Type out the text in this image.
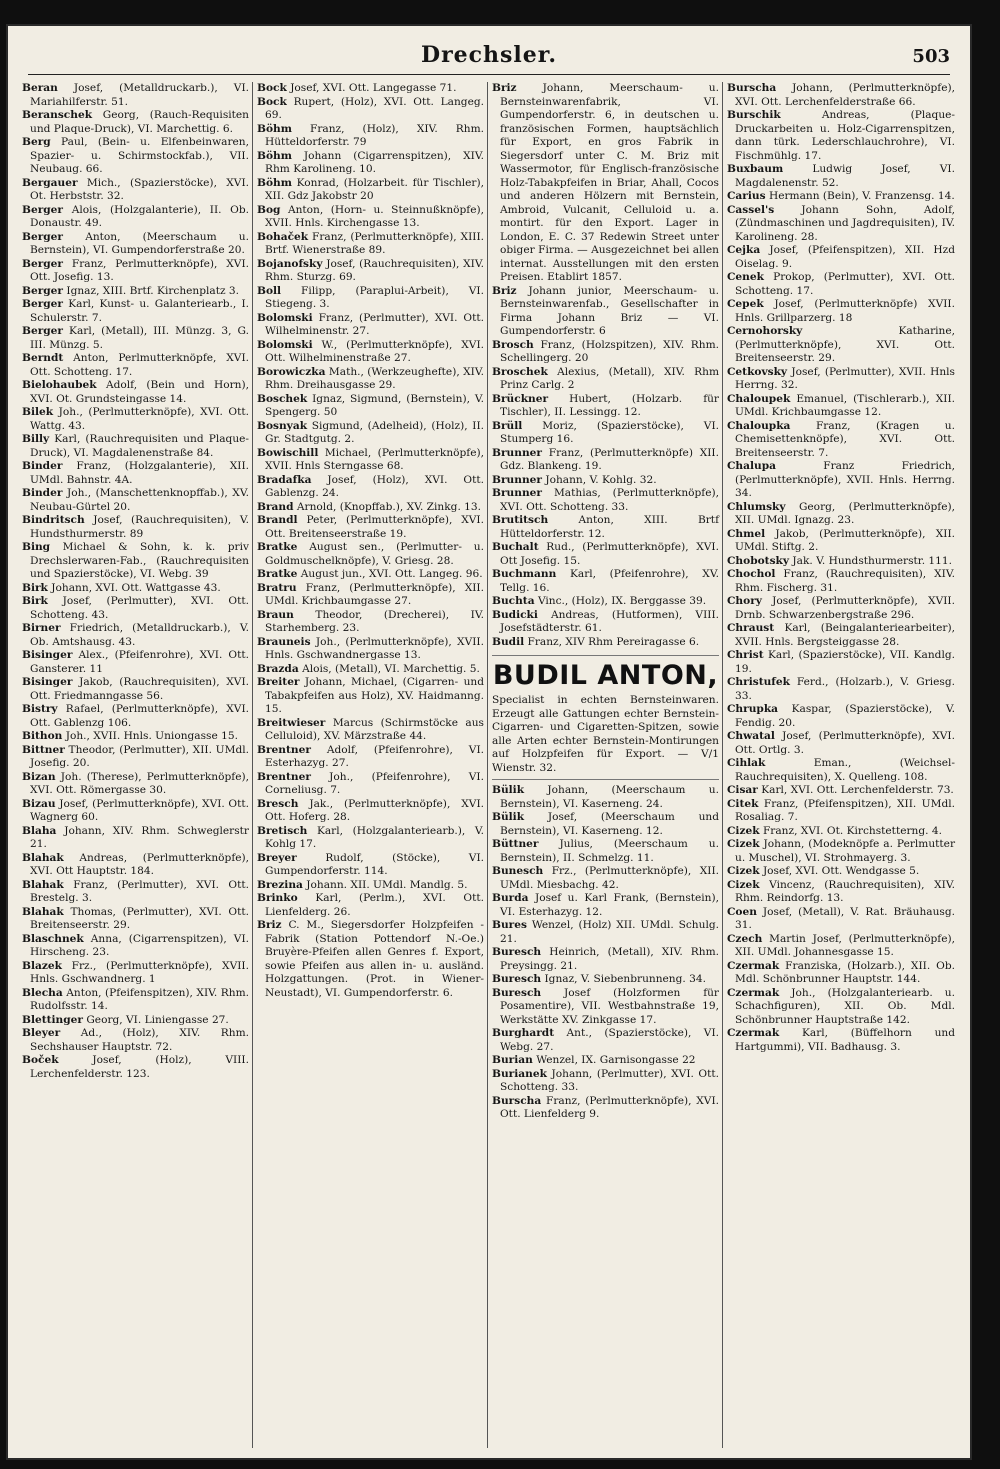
Drechsler.	503

Beran Josef, (Metalldruckarb.), VI. Mariahilferstr. 51.

Beranschek Georg, (Rauch-Requisiten und Plaque-Druck), VI. Marchettig. 6.

Berg Paul, (Bein- u. Elfenbeinwaren, Spazier- u. Schirmstockfab.), VII. Neubaug. 66.

Bergauer Mich., (Spazierstöcke), XVI. Ot. Herbststr. 32.

Berger Alois, (Holzgalanterie), II. Ob. Donaustr. 49.

Berger Anton, (Meerschaum u. Bernstein), VI. Gumpendorferstraße 20.

Berger Franz, Perlmutterknöpfe), XVI. Ott. Josefig. 13.

Berger Ignaz, XIII. Brtf. Kirchenplatz 3.

Berger Karl, Kunst- u. Galanteriearb., I. Schulerstr. 7.

Berger Karl, (Metall), III. Münzg. 3, G. III. Münzg. 5.

Berndt Anton, Perlmutterknöpfe, XVI. Ott. Schotteng. 17.

Bielohaubek Adolf, (Bein und Horn), XVI. Ot. Grundsteingasse 14.

Bilek Joh., (Perlmutterknöpfe), XVI. Ott. Wattg. 43.

Billy Karl, (Rauchrequisiten und Plaque-Druck), VI. Magdalenenstraße 84.

Binder Franz, (Holzgalanterie), XII. UMdl. Bahnstr. 4A.

Binder Joh., (Manschettenknopffab.), XV. Neubau-Gürtel 20.

Bindritsch Josef, (Rauchrequisiten), V. Hundsthurmerstr. 89

Bing Michael & Sohn, k. k. priv Drechslerwaren-Fab., (Rauchrequisiten und Spazierstöcke), VI. Webg. 39

Birk Johann, XVI. Ott. Wattgasse 43.

Birk Josef, (Perlmutter), XVI. Ott. Schotteng. 43.

Birner Friedrich, (Metalldruckarb.), V. Ob. Amtshausg. 43.

Bisinger Alex., (Pfeifenrohre), XVI. Ott. Gansterer. 11

Bisinger Jakob, (Rauchrequisiten), XVI. Ott. Friedmanngasse 56.

Bistry Rafael, (Perlmutterknöpfe), XVI. Ott. Gablenzg 106.

Bithon Joh., XVII. Hnls. Uniongasse 15.

Bittner Theodor, (Perlmutter), XII. UMdl. Josefig. 20.

Bizan Joh. (Therese), Perlmutterknöpfe), XVI. Ott. Römergasse 30.

Bizau Josef, (Perlmutterknöpfe), XVI. Ott. Wagnerg 60.

Blaha Johann, XIV. Rhm. Schweglerstr 21.

Blahak Andreas, (Perlmutterknöpfe), XVI. Ott Hauptstr. 184.

Blahak Franz, (Perlmutter), XVI. Ott. Brestelg. 3.

Blahak Thomas, (Perlmutter), XVI. Ott. Breitenseerstr. 29.

Blaschnek Anna, (Cigarrenspitzen), VI. Hirscheng. 23.

Blazek Frz., (Perlmutterknöpfe), XVII. Hnls. Gschwandnerg. 1

Blecha Anton, (Pfeifenspitzen), XIV. Rhm. Rudolfsstr. 14.

Blettinger Georg, VI. Liniengasse 27.

Bleyer Ad., (Holz), XIV. Rhm. Sechshauser Hauptstr. 72.

Boček	Josef, (Holz), VIII. Lerchenfelderstr. 123.

Bock Josef, XVI. Ott. Langegasse 71.

Bock Rupert, (Holz), XVI. Ott. Langeg. 69.

Böhm Franz, (Holz), XIV. Rhm. Hütteldorferstr. 79

Böhm Johann (Cigarrenspitzen), XIV. Rhm Karolineng. 10.

Böhm Konrad, (Holzarbeit. für Tischler), XII. Gdz Jakobstr 20

Bog Anton, (Horn- u. Steinnußknöpfe), XVII. Hnls. Kirchengasse 13.

Bohaček Franz, (Perlmutterknöpfe), XIII. Brtf. Wienerstraße 89.

Bojanofsky Josef, (Rauchrequisiten), XIV. Rhm. Sturzg. 69.

Boll Filipp, (Paraplui-Arbeit), VI. Stiegeng. 3.

Bolomski Franz, (Perlmutter), XVI. Ott. Wilhelminenstr. 27.

Bolomski W., (Perlmutterknöpfe), XVI. Ott. Wilhelminenstraße 27.

Borowiczka Math., (Werkzeughefte), XIV. Rhm. Dreihausgasse 29.

Boschek Ignaz, Sigmund, (Bernstein), V. Spengerg. 50

Bosnyak Sigmund, (Adelheid), (Holz), II. Gr. Stadtgutg. 2.

Bowischill Michael, (Perlmutterknöpfe), XVII. Hnls Sterngasse 68.

Bradafka Josef, (Holz), XVI. Ott. Gablenzg. 24.

Brand Arnold, (Knopffab.), XV. Zinkg. 13.

Brandl Peter, (Perlmutterknöpfe), XVI. Ott. Breitenseerstraße 19.

Bratke August sen., (Perlmutter- u. Goldmuschelknöpfe), V. Griesg. 28.

Bratke August jun., XVI. Ott. Langeg. 96.

Bratru Franz, (Perlmutterknöpfe), XII. UMdl. Krichbaumgasse 27.

Braun Theodor, (Drecherei), IV. Starhemberg. 23.

Brauneis Joh., (Perlmutterknöpfe), XVII. Hnls. Gschwandnergasse 13.

Brazda Alois, (Metall), VI. Marchettig. 5.

Breiter Johann, Michael, (Cigarren- und Tabakpfeifen aus Holz), XV. Haidmanng. 15.

Breitwieser Marcus (Schirmstöcke aus Celluloid), XV. Märzstraße 44.

Brentner Adolf, (Pfeifenrohre), VI. Esterhazyg. 27.

Brentner Joh., (Pfeifenrohre), VI. Corneliusg. 7.

Bresch Jak., (Perlmutterknöpfe), XVI. Ott. Hoferg. 28.

Bretisch Karl, (Holzgalanteriearb.), V. Kohlg 17.

Breyer	Rudolf, (Stöcke), VI. Gumpendorferstr. 114.

Brezina Johann. XII. UMdl. Mandlg. 5.

Brinko Karl, (Perlm.), XVI. Ott. Lienfelderg. 26.

Briz C. M., Siegersdorfer Holzpfeifen - Fabrik (Station Pottendorf N.-Oe.) Bruyère-Pfeifen allen Genres f. Export, sowie Pfeifen aus allen in- u. ausländ. Holzgattungen. (Prot. in Wiener-Neustadt), VI. Gumpendorferstr. 6.

Briz Johann, Meerschaum- u. Bernsteinwarenfabrik, VI. Gumpendorferstr. 6, in deutschen u. französischen Formen, hauptsächlich für Export, en gros Fabrik in Siegersdorf unter C. M. Briz mit Wassermotor, für Englisch-französische Holz-Tabakpfeifen in Briar, Ahall, Cocos und anderen Hölzern mit Bernstein, Ambroid, Vulcanit, Celluloid u. a. montirt. für den Export. Lager in London, E. C. 37 Redewin Street unter obiger Firma. — Ausgezeichnet bei allen internat. Ausstellungen mit den ersten Preisen. Etablirt 1857.

Briz Johann junior, Meerschaum- u. Bernsteinwarenfab., Gesellschafter in Firma Johann Briz — VI. Gumpendorferstr. 6

Brosch Franz, (Holzspitzen), XIV. Rhm. Schellingerg. 20

Broschek Alexius, (Metall), XIV. Rhm Prinz Carlg. 2

Brückner Hubert, (Holzarb. für Tischler), II. Lessingg. 12.

Brüll Moriz, (Spazierstöcke), VI. Stumperg 16.

Brunner Franz, (Perlmutterknöpfe) XII. Gdz. Blankeng. 19.

Brunner Johann, V. Kohlg. 32.

Brunner Mathias, (Perlmutterknöpfe), XVI. Ott. Schotteng. 33.

Brutitsch	Anton, XIII. Brtf Hütteldorferstr. 12.

Buchalt Rud., (Perlmutterknöpfe), XVI. Ott Josefig. 15.

Buchmann Karl, (Pfeifenrohre), XV. Tellg. 16.

Buchta Vinc., (Holz), IX. Berggasse 39.

Budicki Andreas, (Hutformen), VIII. Josefstädterstr. 61.

Budil Franz, XIV Rhm Pereiragasse 6.

BUDIL ANTON,
Specialist in echten Bernsteinwaren. Erzeugt alle Gattungen echter Bernstein-Cigarren- und Cigaretten-Spitzen, sowie alle Arten echter Bernstein-Montirungen auf Holzpfeifen für Export. — V/1 Wienstr. 32.

Bülik Johann, (Meerschaum u. Bernstein), VI. Kaserneng. 24.

Bülik Josef, (Meerschaum und Bernstein), VI. Kaserneng. 12.

Büttner Julius, (Meerschaum u. Bernstein), II. Schmelzg. 11.

Bunesch Frz., (Perlmutterknöpfe), XII. UMdl. Miesbachg. 42.

Burda Josef u. Karl Frank, (Bernstein), VI. Esterhazyg. 12.

Bures Wenzel, (Holz) XII. UMdl. Schulg. 21.

Buresch Heinrich, (Metall), XIV. Rhm. Preysingg. 21.

Buresch Ignaz, V. Siebenbrunneng. 34.

Buresch Josef (Holzformen für Posamentire), VII. Westbahnstraße 19, Werkstätte XV. Zinkgasse 17.

Burghardt Ant., (Spazierstöcke), VI. Webg. 27.

Burian Wenzel, IX. Garnisongasse 22

Burianek Johann, (Perlmutter), XVI. Ott. Schotteng. 33.

Burscha Franz, (Perlmutterknöpfe), XVI. Ott. Lienfelderg 9.

Burscha Johann, (Perlmutterknöpfe), XVI. Ott. Lerchenfelderstraße 66.

Burschik	Andreas, (Plaque-Druckarbeiten u. Holz-Cigarrenspitzen, dann türk. Lederschlauchrohre), VI. Fischmühlg. 17.

Buxbaum	Ludwig Josef, VI. Magdalenenstr. 52.

Carius Hermann (Bein), V. Franzensg. 14.

Cassel's	Johann Sohn, Adolf, (Zündmaschinen und Jagdrequisiten), IV. Karolineng. 28.

Cejka Josef, (Pfeifenspitzen), XII. Hzd Oiselag. 9.

Cenek Prokop, (Perlmutter), XVI. Ott. Schotteng. 17.

Cepek Josef, (Perlmutterknöpfe) XVII. Hnls. Grillparzerg. 18

Cernohorsky	Katharine, (Perlmutterknöpfe), XVI. Ott. Breitenseerstr. 29.

Cetkovsky Josef, (Perlmutter), XVII. Hnls Herrng. 32.

Chaloupek Emanuel, (Tischlerarb.), XII. UMdl. Krichbaumgasse 12.

Chaloupka Franz, (Kragen u. Chemisettenknöpfe), XVI. Ott. Breitenseerstr. 7.

Chalupa	Franz Friedrich, (Perlmutterknöpfe), XVII. Hnls. Herrng. 34.

Chlumsky Georg, (Perlmutterknöpfe), XII. UMdl. Ignazg. 23.

Chmel Jakob, (Perlmutterknöpfe), XII. UMdl. Stiftg. 2.

Chobotsky Jak. V. Hundsthurmerstr. 111.

Chochol Franz, (Rauchrequisiten), XIV. Rhm. Fischerg. 31.

Chory Josef, (Perlmutterknöpfe), XVII. Drnb. Schwarzenbergstraße 296.

Chraust Karl, (Beingalanteriearbeiter), XVII. Hnls. Bergsteiggasse 28.

Christ Karl, (Spazierstöcke), VII. Kandlg. 19.

Christufek Ferd., (Holzarb.), V. Griesg. 33.

Chrupka Kaspar, (Spazierstöcke), V. Fendig. 20.

Chwatal Josef, (Perlmutterknöpfe), XVI. Ott. Ortlg. 3.

Cihlak	Eman., (Weichsel-Rauchrequisiten), X. Quelleng. 108.

Cisar Karl, XVI. Ott. Lerchenfelderstr. 73.

Citek Franz, (Pfeifenspitzen), XII. UMdl. Rosaliag. 7.

Cizek Franz, XVI. Ot. Kirchstetterng. 4.

Cizek Johann, (Modeknöpfe a. Perlmutter u. Muschel), VI. Strohmayerg. 3.

Cizek Josef, XVI. Ott. Wendgasse 5.

Cizek Vincenz, (Rauchrequisiten), XIV. Rhm. Reindorfg. 13.

Coen Josef, (Metall), V. Rat. Bräuhausg. 31.

Czech Martin Josef, (Perlmutterknöpfe), XII. UMdl. Johannesgasse 15.

Czermak Franziska, (Holzarb.), XII. Ob. Mdl. Schönbrunner Hauptstr. 144.

Czermak Joh., (Holzgalanteriearb. u. Schachfiguren), XII. Ob. Mdl. Schönbrunner Hauptstraße 142.

Czermak Karl, (Büffelhorn und Hartgummi), VII. Badhausg. 3.
